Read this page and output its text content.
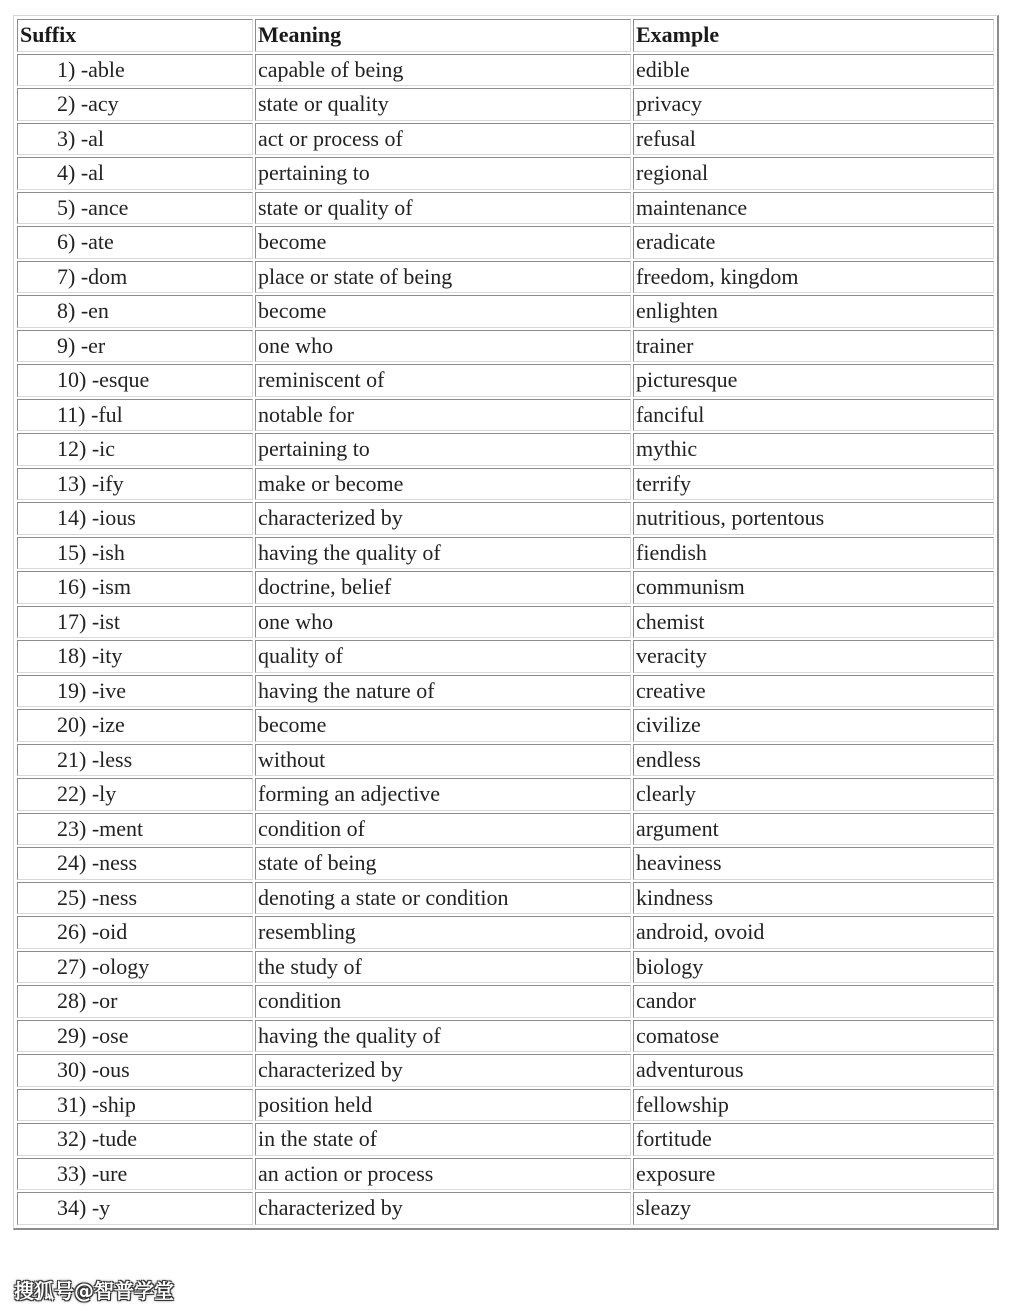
Suffix	Meaning	Example
1) -able	capable of being	edible
2) -acy	state or quality	privacy
3) -al	act or process of	refusal
4) -al	pertaining to	regional
5) -ance	state or quality of	maintenance
6) -ate	become	eradicate
7) -dom	place or state of being	freedom, kingdom
8) -en	become	enlighten
9) -er	one who	trainer
10) -esque	reminiscent of	picturesque
11) -ful	notable for	fanciful
12) -ic	pertaining to	mythic
13) -ify	make or become	terrify
14) -ious	characterized by	nutritious, portentous
15) -ish	having the quality of	fiendish
16) -ism	doctrine, belief	communism
17) -ist	one who	chemist
18) -ity	quality of	veracity
19) -ive	having the nature of	creative
20) -ize	become	civilize
21) -less	without	endless
22) -ly	forming an adjective	clearly
23) -ment	condition of	argument
24) -ness	state of being	heaviness
25) -ness	denoting a state or condition	kindness
26) -oid	resembling	android, ovoid
27) -ology	the study of	biology
28) -or	condition	candor
29) -ose	having the quality of	comatose
30) -ous	characterized by	adventurous
31) -ship	position held	fellowship
32) -tude	in the state of	fortitude
33) -ure	an action or process	exposure
34) -y	characterized by	sleazy
搜狐号@智普学堂
